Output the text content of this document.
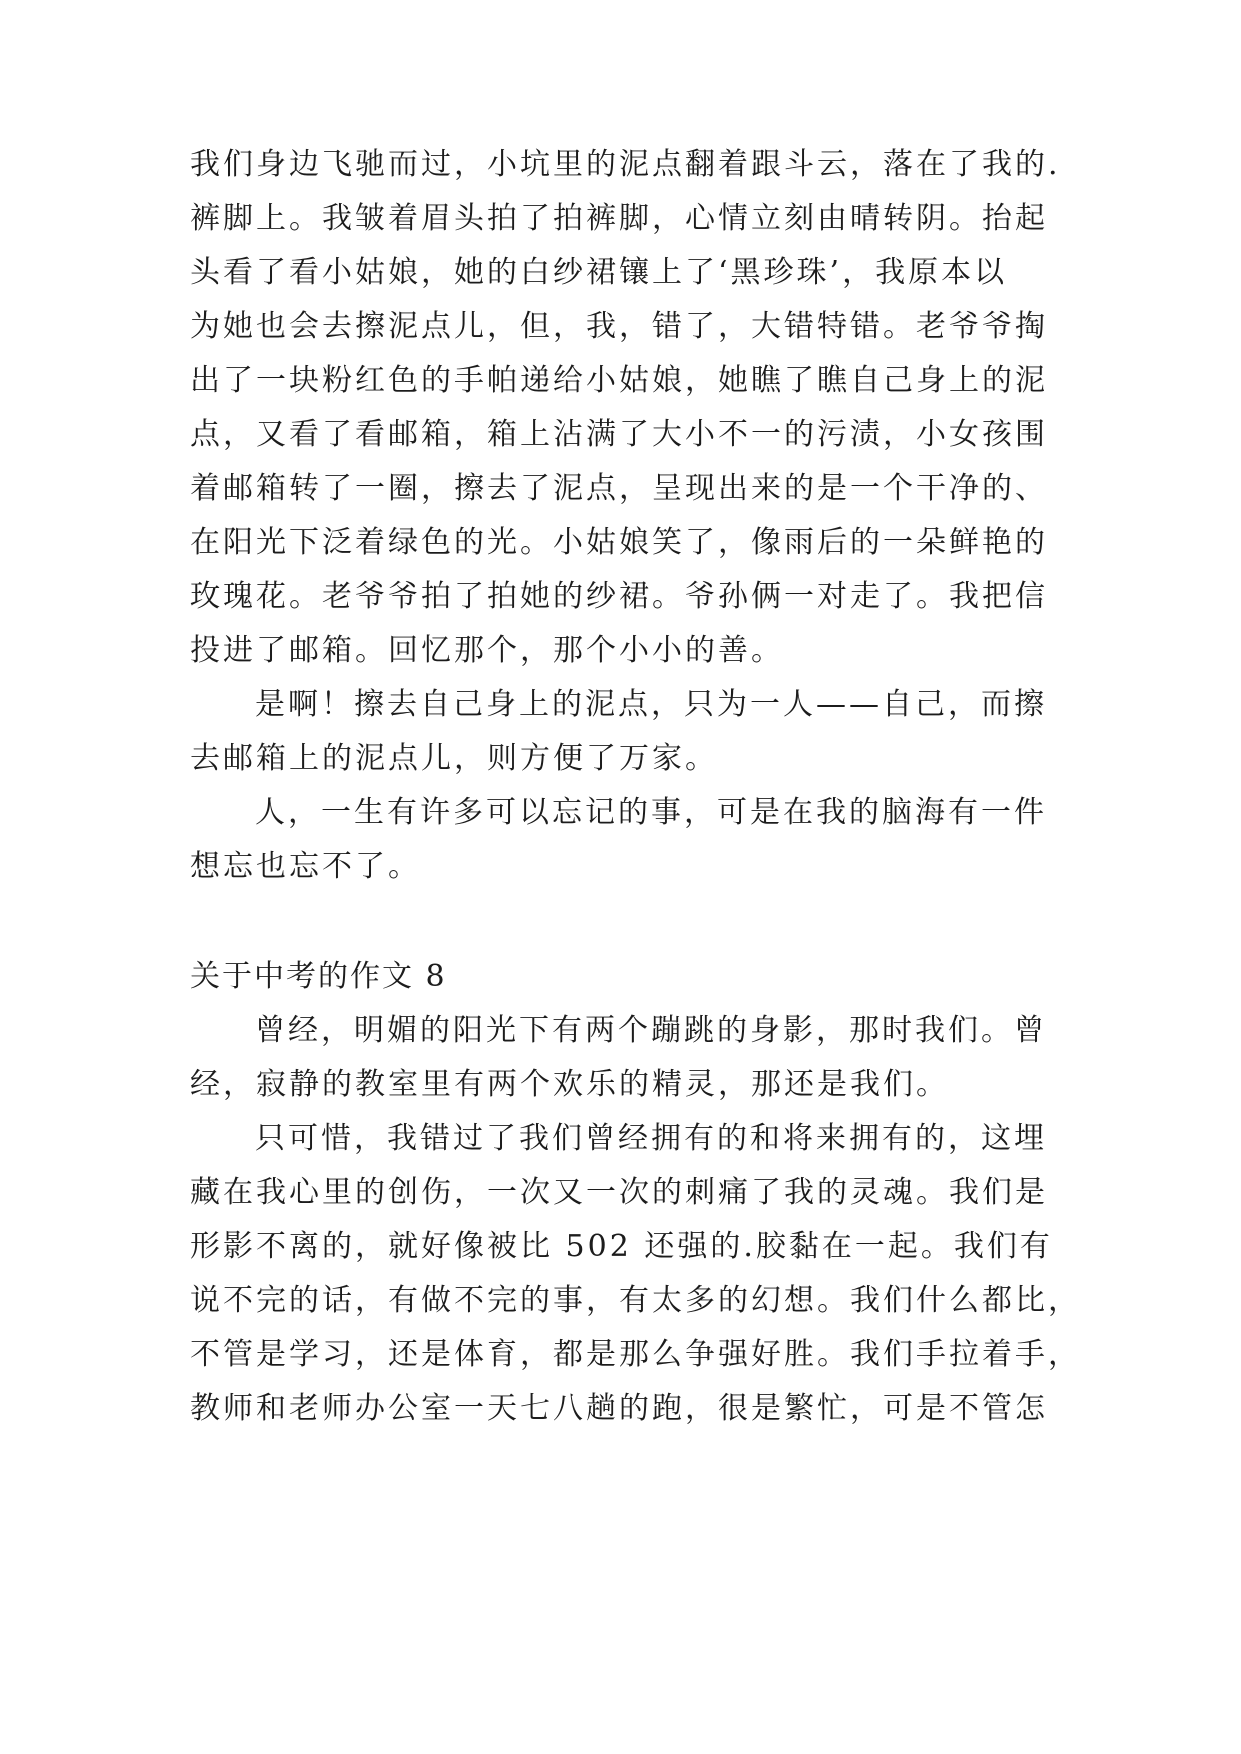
我们身边飞驰而过，小坑里的泥点翻着跟斗云，落在了我的.
裤脚上。我皱着眉头拍了拍裤脚，心情立刻由晴转阴。抬起
头看了看小姑娘，她的白纱裙镶上了‘黑珍珠’，我原本以
为她也会去擦泥点儿，但，我，错了，大错特错。老爷爷掏
出了一块粉红色的手帕递给小姑娘，她瞧了瞧自己身上的泥
点，又看了看邮箱，箱上沾满了大小不一的污渍，小女孩围
着邮箱转了一圈，擦去了泥点，呈现出来的是一个干净的、
在阳光下泛着绿色的光。小姑娘笑了，像雨后的一朵鲜艳的
玫瑰花。老爷爷拍了拍她的纱裙。爷孙俩一对走了。我把信
投进了邮箱。回忆那个，那个小小的善。
是啊！擦去自己身上的泥点，只为一人——自己，而擦
去邮箱上的泥点儿，则方便了万家。
人，一生有许多可以忘记的事，可是在我的脑海有一件
想忘也忘不了。
关于中考的作文 8
曾经，明媚的阳光下有两个蹦跳的身影，那时我们。曾
经，寂静的教室里有两个欢乐的精灵，那还是我们。
只可惜，我错过了我们曾经拥有的和将来拥有的，这埋
藏在我心里的创伤，一次又一次的刺痛了我的灵魂。我们是
形影不离的，就好像被比 502 还强的.胶黏在一起。我们有
说不完的话，有做不完的事，有太多的幻想。我们什么都比，
不管是学习，还是体育，都是那么争强好胜。我们手拉着手，
教师和老师办公室一天七八趟的跑，很是繁忙，可是不管怎
